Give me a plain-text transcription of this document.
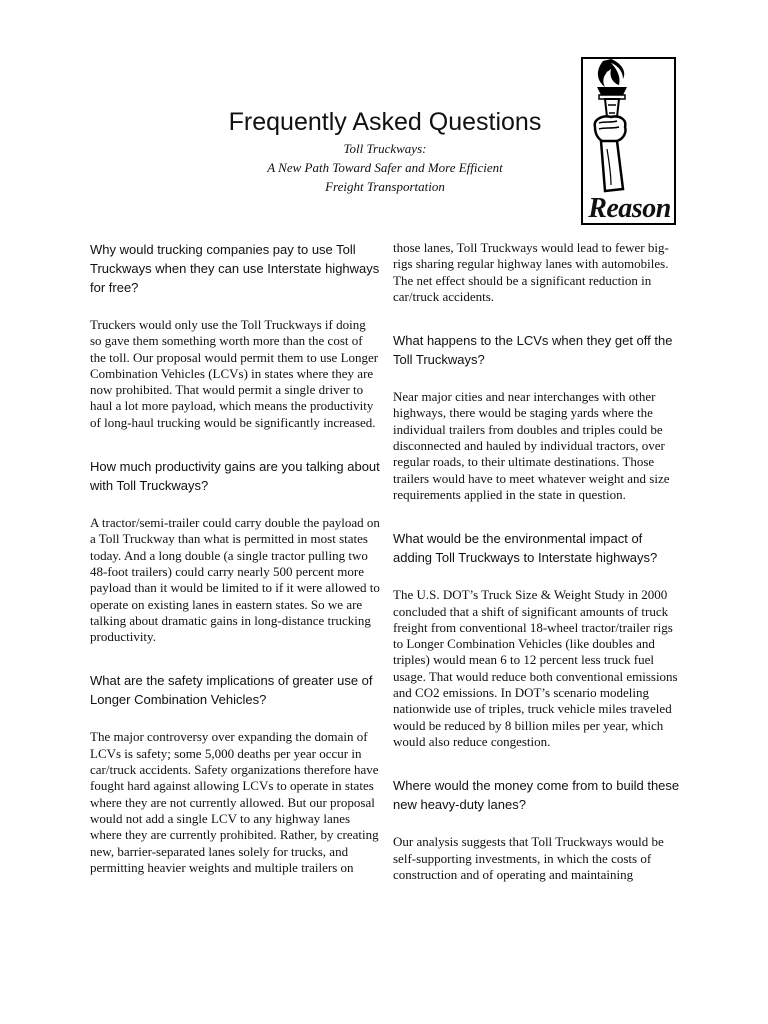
Frequently Asked Questions
Toll Truckways:
A New Path Toward Safer and More Efficient
Freight Transportation
Reason

Why would trucking companies pay to use Toll Truckways when they can use Interstate highways for free?

Truckers would only use the Toll Truckways if doing so gave them something worth more than the cost of the toll. Our proposal would permit them to use Longer Combination Vehicles (LCVs) in states where they are now prohibited. That would permit a single driver to haul a lot more payload, which means the productivity of long-haul trucking would be significantly increased.

How much productivity gains are you talking about with Toll Truckways?

A tractor/semi-trailer could carry double the payload on a Toll Truckway than what is permitted in most states today. And a long double (a single tractor pulling two 48-foot trailers) could carry nearly 500 percent more payload than it would be limited to if it were allowed to operate on existing lanes in eastern states. So we are talking about dramatic gains in long-distance trucking productivity.

What are the safety implications of greater use of Longer Combination Vehicles?

The major controversy over expanding the domain of LCVs is safety; some 5,000 deaths per year occur in car/truck accidents. Safety organizations therefore have fought hard against allowing LCVs to operate in states where they are not currently allowed. But our proposal would not add a single LCV to any highway lanes where they are currently prohibited. Rather, by creating new, barrier-separated lanes solely for trucks, and permitting heavier weights and multiple trailers on

those lanes, Toll Truckways would lead to fewer big-rigs sharing regular highway lanes with automobiles. The net effect should be a significant reduction in car/truck accidents.

What happens to the LCVs when they get off the Toll Truckways?

Near major cities and near interchanges with other highways, there would be staging yards where the individual trailers from doubles and triples could be disconnected and hauled by individual tractors, over regular roads, to their ultimate destinations. Those trailers would have to meet whatever weight and size requirements applied in the state in question.

What would be the environmental impact of adding Toll Truckways to Interstate highways?

The U.S. DOT’s Truck Size & Weight Study in 2000 concluded that a shift of significant amounts of truck freight from conventional 18-wheel tractor/trailer rigs to Longer Combination Vehicles (like doubles and triples) would mean 6 to 12 percent less truck fuel usage. That would reduce both conventional emissions and CO2 emissions. In DOT’s scenario modeling nationwide use of triples, truck vehicle miles traveled would be reduced by 8 billion miles per year, which would also reduce congestion.

Where would the money come from to build these new heavy-duty lanes?

Our analysis suggests that Toll Truckways would be self-supporting investments, in which the costs of construction and of operating and maintaining
